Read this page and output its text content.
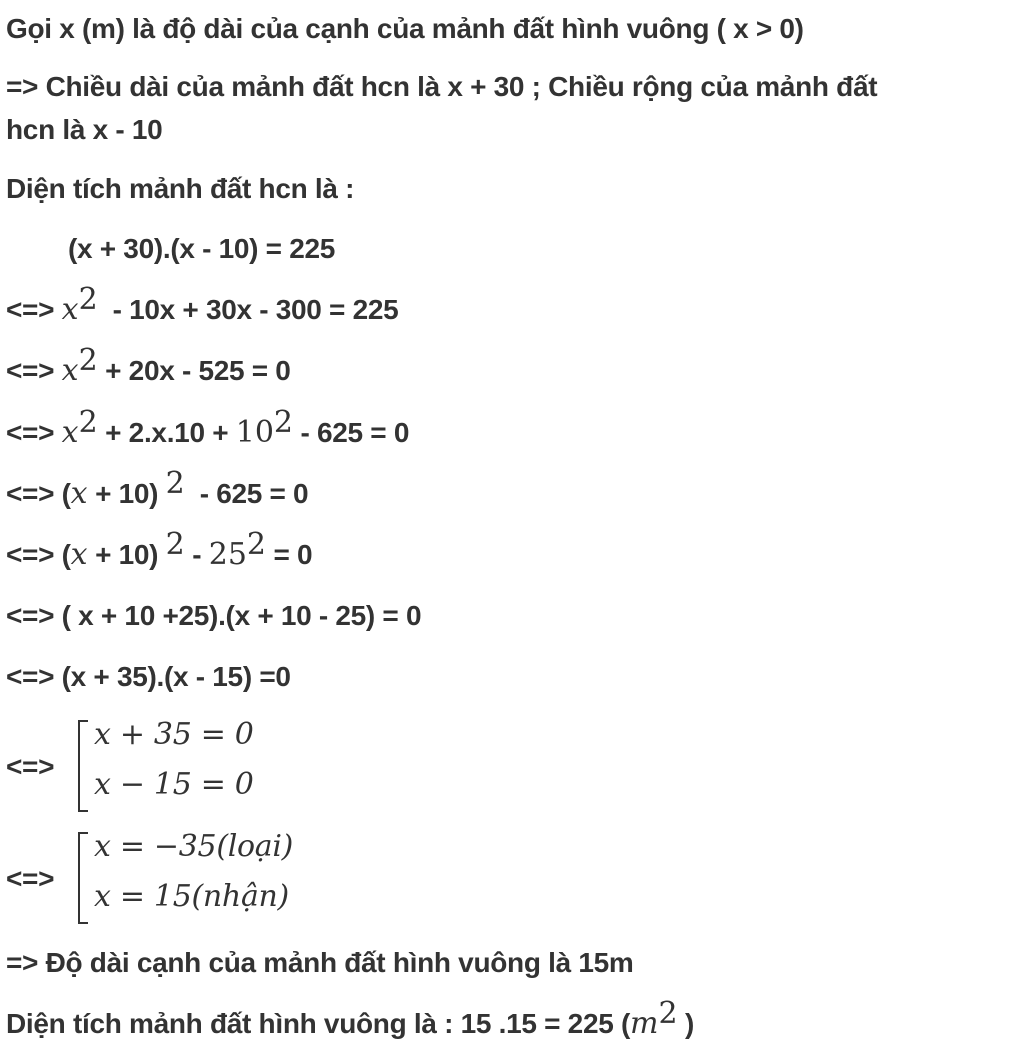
Gọi x (m) là độ dài của cạnh của mảnh đất hình vuông ( x > 0)
=> Chiều dài của mảnh đất hcn là x + 30 ; Chiều rộng của mảnh đất
hcn là x - 10
Diện tích mảnh đất hcn là :
(x + 30).(x - 10) = 225
<=> $x^2 - 10x + 30x - 300 = 225$
<=> $x^2 + 20x - 525 = 0$
<=> $x^2 + 2.x.10 + 10^2 - 625 = 0$
<=> (x + 10) $^2$  - 625 = 0
<=> (x + 10) $^2 - 25^2 = 0$
<=> ( x + 10 +25).(x + 10 - 25) = 0
<=> (x + 35).(x - 15) =0
<=>
x + 35 = 0
x − 15 = 0
<=>
x = −35(loại)
x = 15(nhận)
=> Độ dài cạnh của mảnh đất hình vuông là 15m
Diện tích mảnh đất hình vuông là : 15 .15 = 225 ($m^2$ )
